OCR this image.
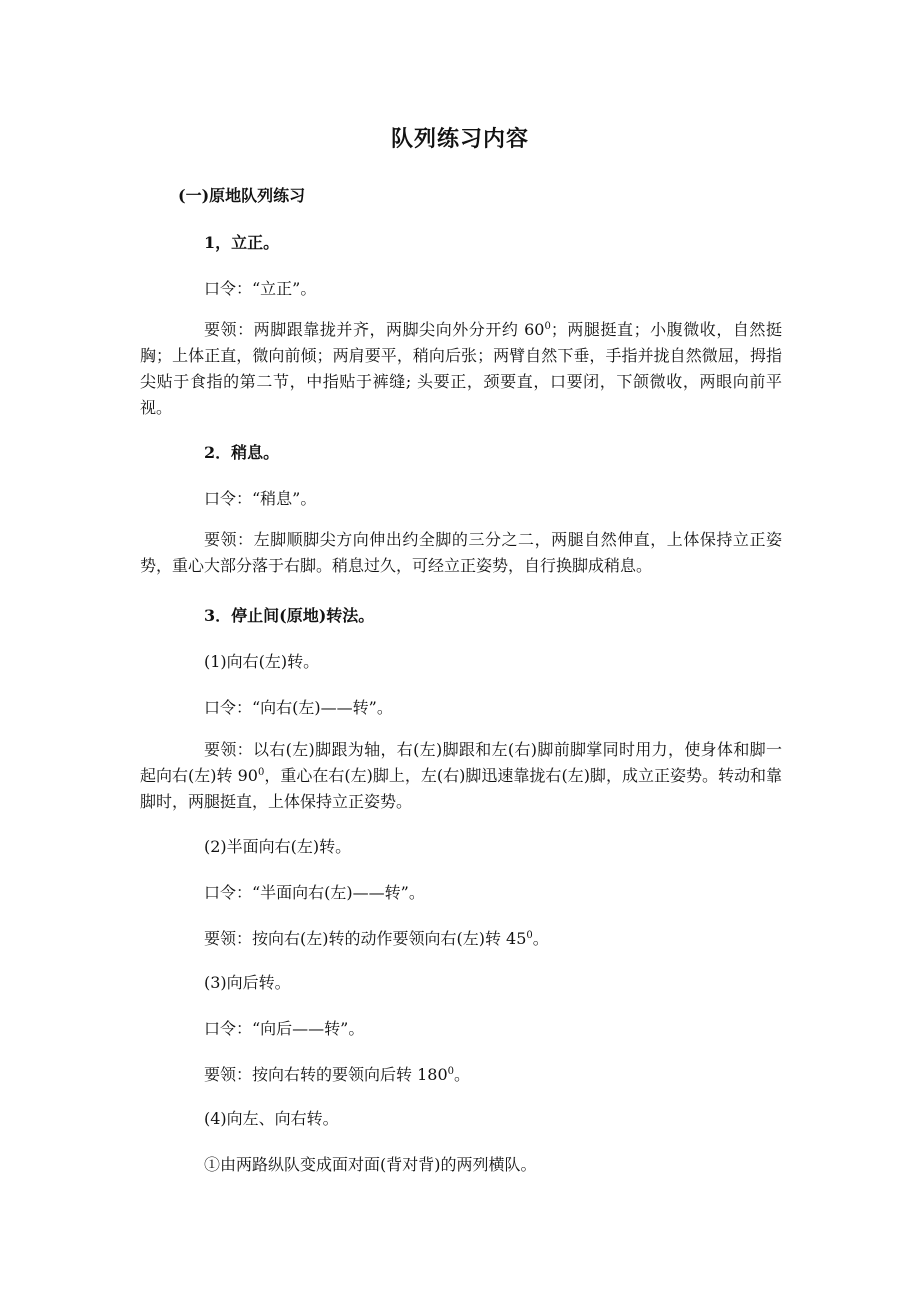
队列练习内容
(一)原地队列练习
1，立正。
口令：“立正”。
要领：两脚跟靠拢并齐，两脚尖向外分开约 $60^0$；两腿挺直；小腹微收，自然挺胸；上体正直，微向前倾；两肩要平，稍向后张；两臂自然下垂，手指并拢自然微屈，拇指尖贴于食指的第二节，中指贴于裤缝; 头要正，颈要直，口要闭，下颌微收，两眼向前平视。
2．稍息。
口令：“稍息”。
要领：左脚顺脚尖方向伸出约全脚的三分之二，两腿自然伸直，上体保持立正姿势，重心大部分落于右脚。稍息过久，可经立正姿势，自行换脚成稍息。
3．停止间(原地)转法。
(1)向右(左)转。
口令：“向右(左)——转”。
要领：以右(左)脚跟为轴，右(左)脚跟和左(右)脚前脚掌同时用力，使身体和脚一起向右(左)转 $90^0$，重心在右(左)脚上，左(右)脚迅速靠拢右(左)脚，成立正姿势。转动和靠脚时，两腿挺直，上体保持立正姿势。
(2)半面向右(左)转。
口令：“半面向右(左)——转”。
要领：按向右(左)转的动作要领向右(左)转 $45^0$。
(3)向后转。
口令：“向后——转”。
要领：按向右转的要领向后转 $180^0$。
(4)向左、向右转。
①由两路纵队变成面对面(背对背)的两列横队。
